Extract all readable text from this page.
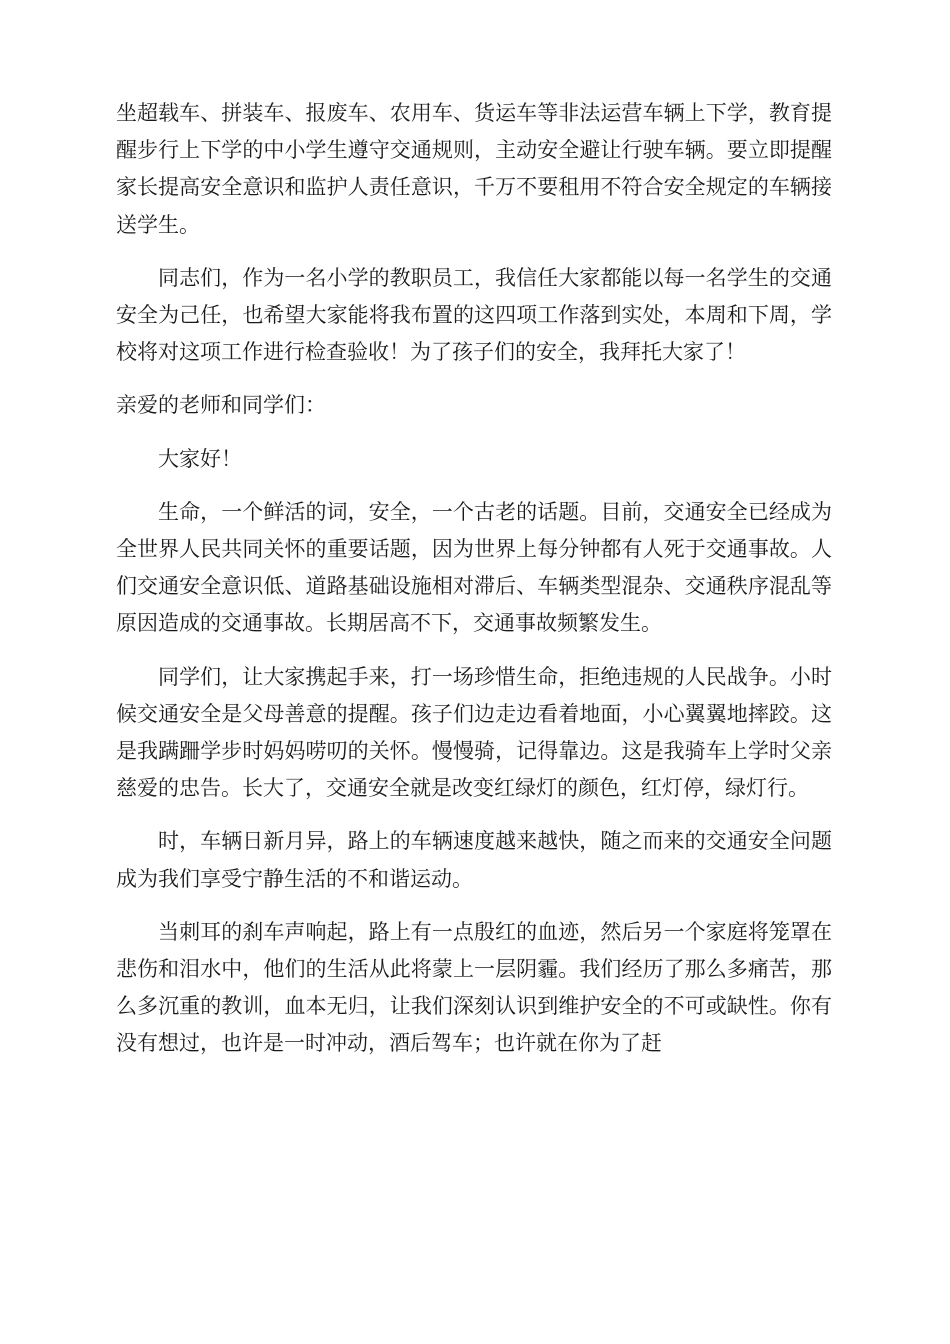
坐超载车、拼装车、报废车、农用车、货运车等非法运营车辆上下学，教育提醒步行上下学的中小学生遵守交通规则，主动安全避让行驶车辆。要立即提醒家长提高安全意识和监护人责任意识，千万不要租用不符合安全规定的车辆接送学生。

同志们，作为一名小学的教职员工，我信任大家都能以每一名学生的交通安全为己任，也希望大家能将我布置的这四项工作落到实处，本周和下周，学校将对这项工作进行检查验收！为了孩子们的安全，我拜托大家了！

亲爱的老师和同学们：

大家好！

生命，一个鲜活的词，安全，一个古老的话题。目前，交通安全已经成为全世界人民共同关怀的重要话题，因为世界上每分钟都有人死于交通事故。人们交通安全意识低、道路基础设施相对滞后、车辆类型混杂、交通秩序混乱等原因造成的交通事故。长期居高不下，交通事故频繁发生。

同学们，让大家携起手来，打一场珍惜生命，拒绝违规的人民战争。小时候交通安全是父母善意的提醒。孩子们边走边看着地面，小心翼翼地摔跤。这是我蹒跚学步时妈妈唠叨的关怀。慢慢骑，记得靠边。这是我骑车上学时父亲慈爱的忠告。长大了，交通安全就是改变红绿灯的颜色，红灯停，绿灯行。

时，车辆日新月异，路上的车辆速度越来越快，随之而来的交通安全问题成为我们享受宁静生活的不和谐运动。

当刺耳的刹车声响起，路上有一点殷红的血迹，然后另一个家庭将笼罩在悲伤和泪水中，他们的生活从此将蒙上一层阴霾。我们经历了那么多痛苦，那么多沉重的教训，血本无归，让我们深刻认识到维护安全的不可或缺性。你有没有想过，也许是一时冲动，酒后驾车；也许就在你为了赶
